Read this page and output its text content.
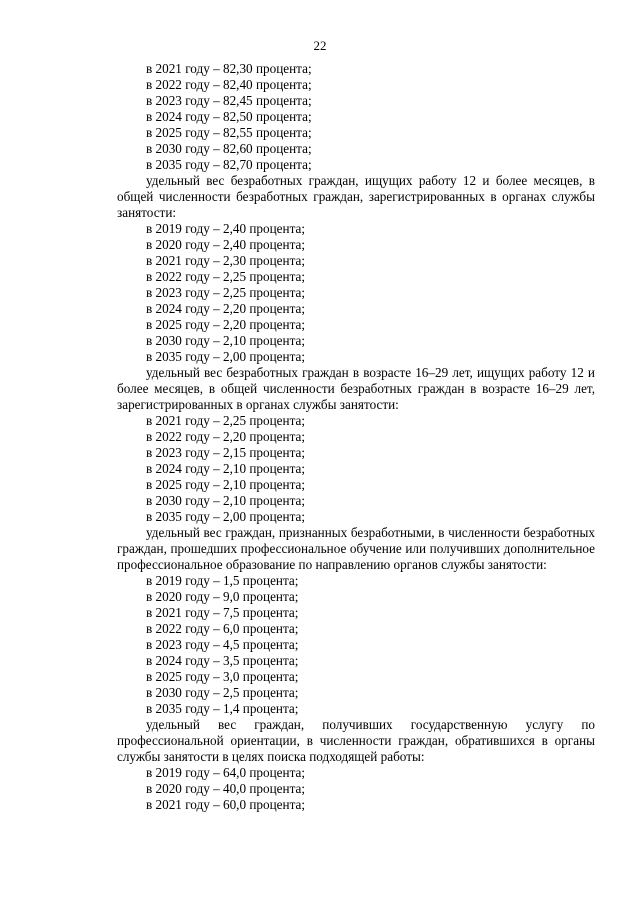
22
в 2021 году – 82,30 процента;
в 2022 году – 82,40 процента;
в 2023 году – 82,45 процента;
в 2024 году – 82,50 процента;
в 2025 году – 82,55 процента;
в 2030 году – 82,60 процента;
в 2035 году – 82,70 процента;

удельный вес безработных граждан, ищущих работу 12 и более месяцев, в общей численности безработных граждан, зарегистрированных в органах службы занятости:

в 2019 году – 2,40 процента;
в 2020 году – 2,40 процента;
в 2021 году – 2,30 процента;
в 2022 году – 2,25 процента;
в 2023 году – 2,25 процента;
в 2024 году – 2,20 процента;
в 2025 году – 2,20 процента;
в 2030 году – 2,10 процента;
в 2035 году – 2,00 процента;

удельный вес безработных граждан в возрасте 16–29 лет, ищущих работу 12 и более месяцев, в общей численности безработных граждан в возрасте 16–29 лет, зарегистрированных в органах службы занятости:

в 2021 году – 2,25 процента;
в 2022 году – 2,20 процента;
в 2023 году – 2,15 процента;
в 2024 году – 2,10 процента;
в 2025 году – 2,10 процента;
в 2030 году – 2,10 процента;
в 2035 году – 2,00 процента;

удельный вес граждан, признанных безработными, в численности безработных граждан, прошедших профессиональное обучение или получивших дополнительное профессиональное образование по направлению органов службы занятости:

в 2019 году – 1,5 процента;
в 2020 году – 9,0 процента;
в 2021 году – 7,5 процента;
в 2022 году – 6,0 процента;
в 2023 году – 4,5 процента;
в 2024 году – 3,5 процента;
в 2025 году – 3,0 процента;
в 2030 году – 2,5 процента;
в 2035 году – 1,4 процента;

удельный вес граждан, получивших государственную услугу по профессиональной ориентации, в численности граждан, обратившихся в органы службы занятости в целях поиска подходящей работы:

в 2019 году – 64,0 процента;
в 2020 году – 40,0 процента;
в 2021 году – 60,0 процента;
